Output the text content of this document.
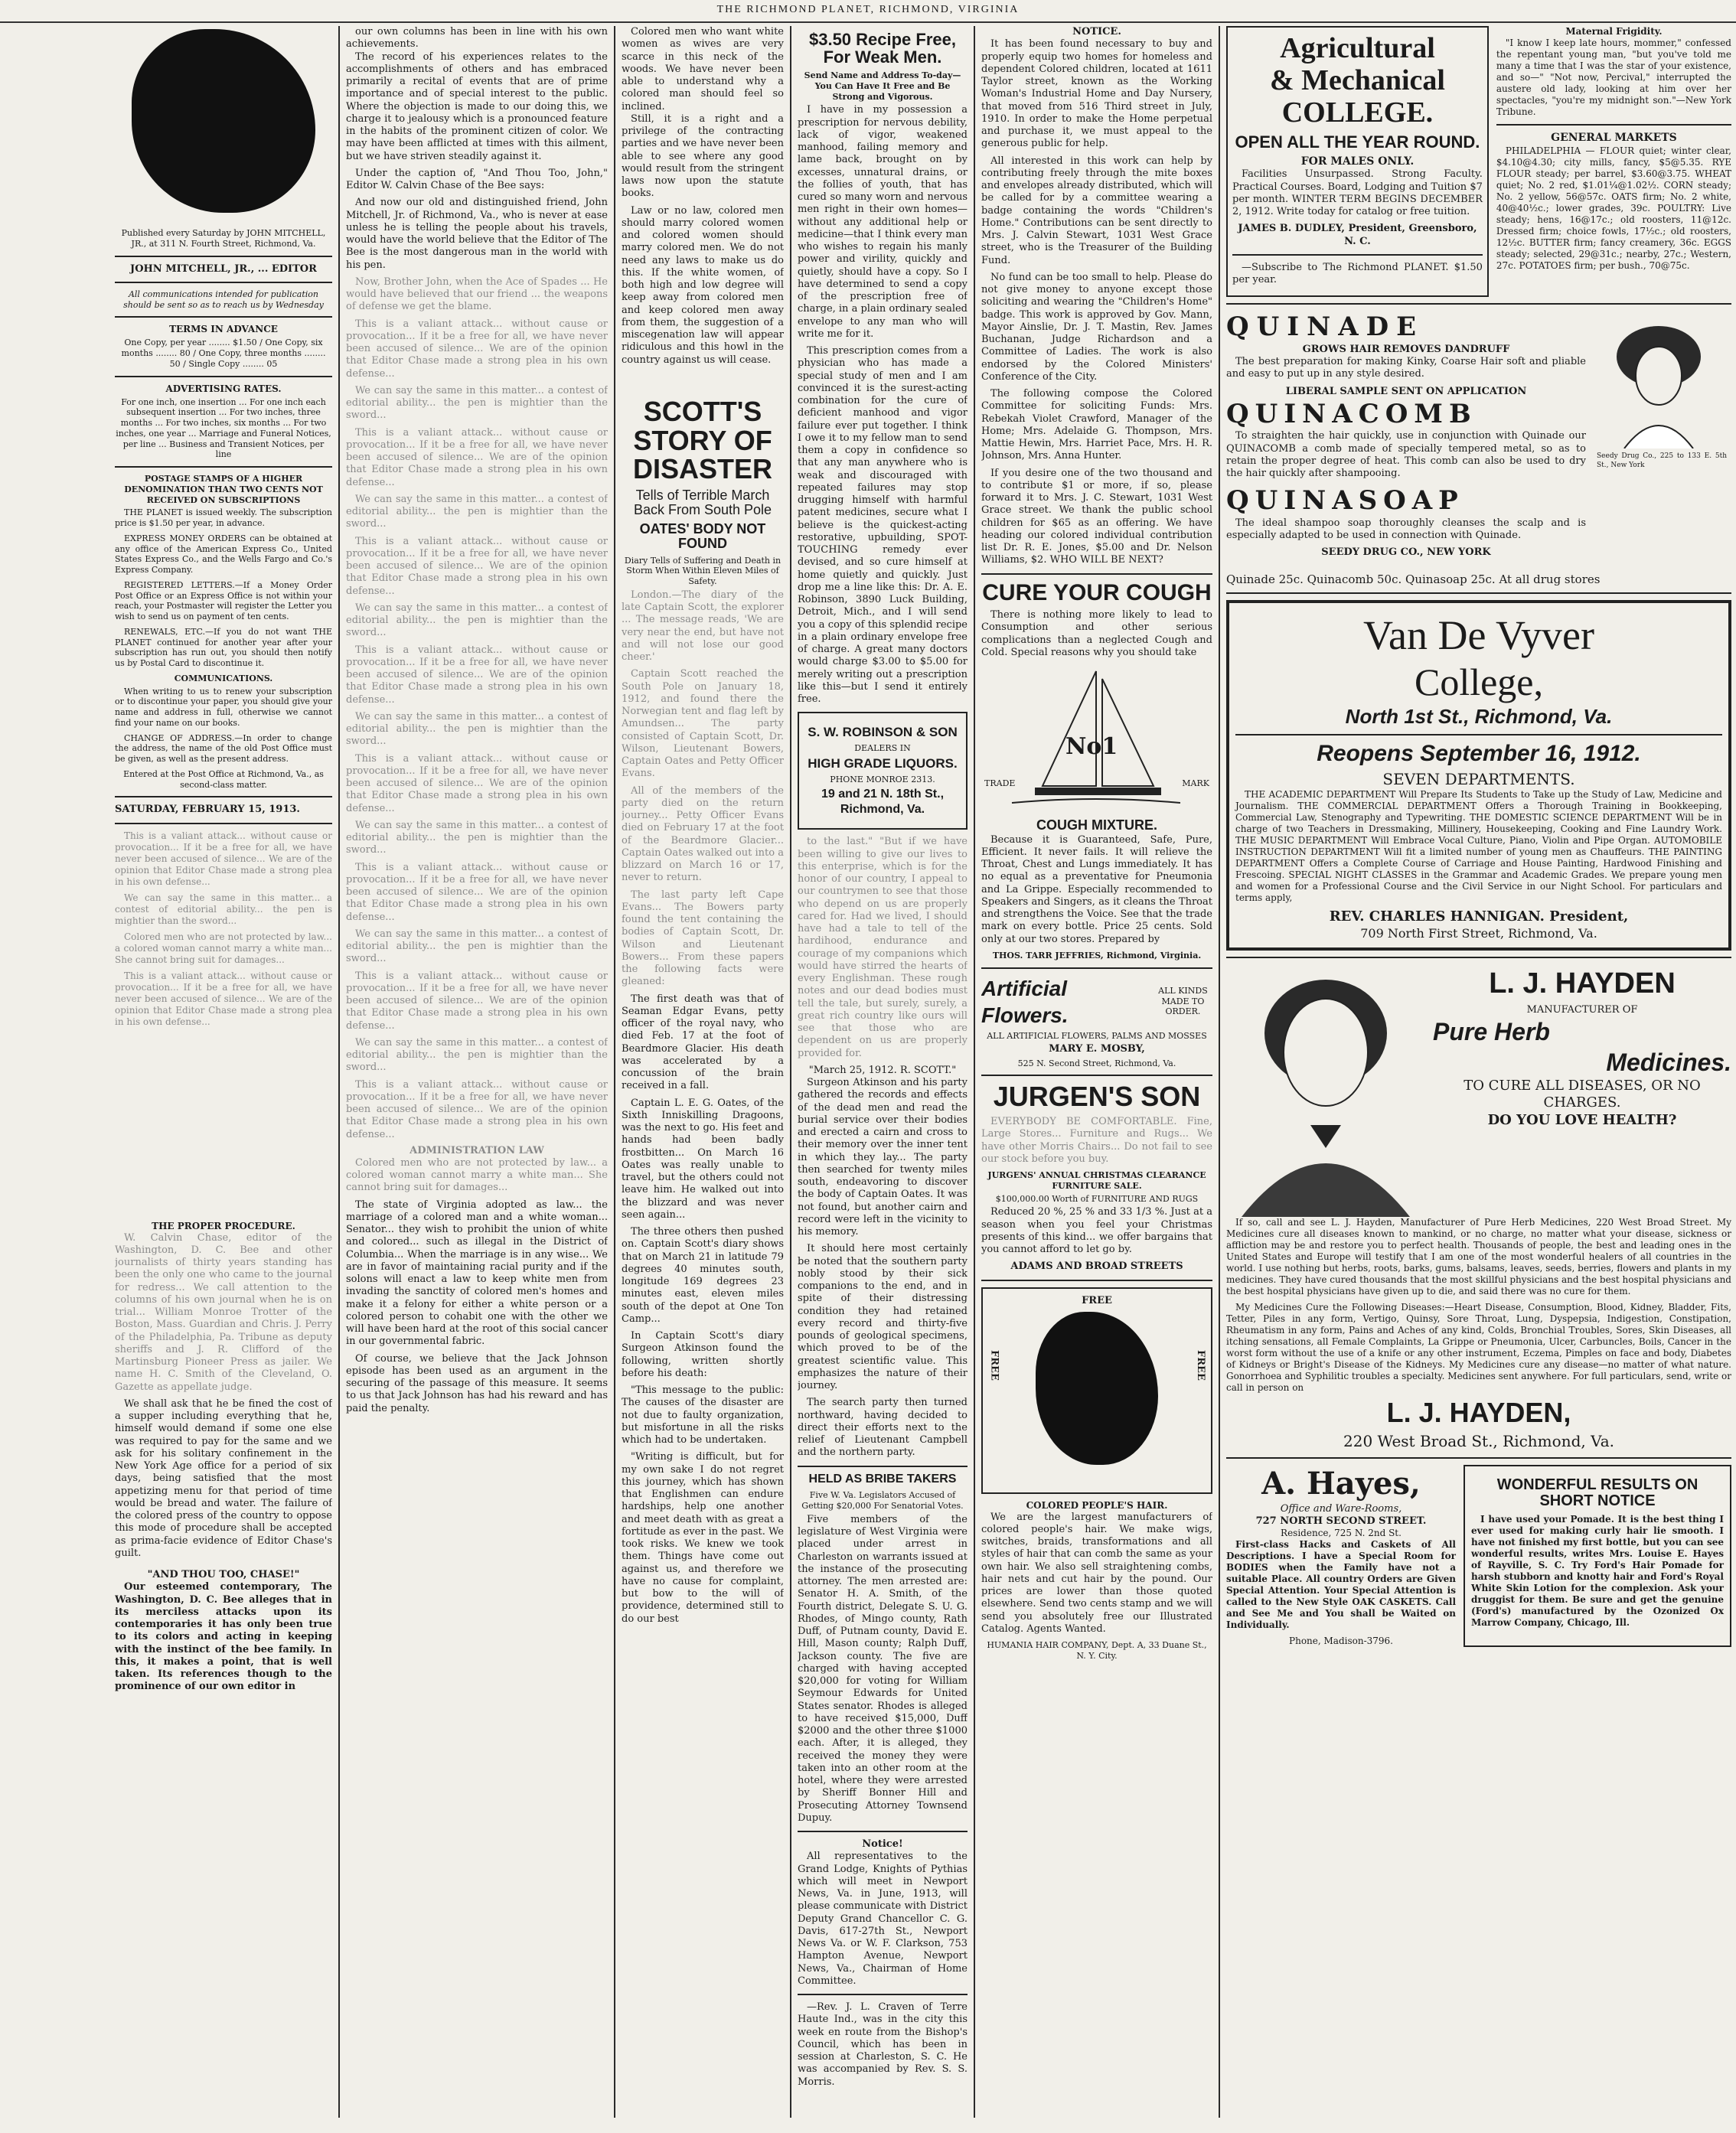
THE RICHMOND PLANET, RICHMOND, VIRGINIA
Published every Saturday by JOHN MITCHELL, JR., at 311 N. Fourth Street, Richmond, Va.
JOHN MITCHELL, JR., ... EDITOR
All communications intended for publication should be sent so as to reach us by Wednesday
TERMS IN ADVANCE
One Copy, per year ........ $1.50 / One Copy, six months ........ 80 / One Copy, three months ........ 50 / Single Copy ........ 05
ADVERTISING RATES.
For one inch, one insertion ... For one inch each subsequent insertion ... For two inches, three months ... For two inches, six months ... For two inches, one year ... Marriage and Funeral Notices, per line ... Business and Transient Notices, per line
POSTAGE STAMPS OF A HIGHER DENOMINATION THAN TWO CENTS NOT RECEIVED ON SUBSCRIPTIONS

THE PLANET is issued weekly. The subscription price is $1.50 per year, in advance.

EXPRESS MONEY ORDERS can be obtained at any office of the American Express Co., United States Express Co., and the Wells Fargo and Co.'s Express Company.

REGISTERED LETTERS.—If a Money Order Post Office or an Express Office is not within your reach, your Postmaster will register the Letter you wish to send us on payment of ten cents.

RENEWALS, ETC.—If you do not want THE PLANET continued for another year after your subscription has run out, you should then notify us by Postal Card to discontinue it.

COMMUNICATIONS.

When writing to us to renew your subscription or to discontinue your paper, you should give your name and address in full, otherwise we cannot find your name on our books.

CHANGE OF ADDRESS.—In order to change the address, the name of the old Post Office must be given, as well as the present address.

Entered at the Post Office at Richmond, Va., as second-class matter.
SATURDAY, FEBRUARY 15, 1913.

This is a valiant attack... without cause or provocation... If it be a free for all, we have never been accused of silence... We are of the opinion that Editor Chase made a strong plea in his own defense...

We can say the same in this matter... a contest of editorial ability... the pen is mightier than the sword...

Colored men who are not protected by law... a colored woman cannot marry a white man... She cannot bring suit for damages...

This is a valiant attack... without cause or provocation... If it be a free for all, we have never been accused of silence... We are of the opinion that Editor Chase made a strong plea in his own defense...

THE PROPER PROCEDURE.

W. Calvin Chase, editor of the Washington, D. C. Bee and other journalists of thirty years standing has been the only one who came to the journal for redress... We call attention to the columns of his own journal when he is on trial... William Monroe Trotter of the Boston, Mass. Guardian and Chris. J. Perry of the Philadelphia, Pa. Tribune as deputy sheriffs and J. R. Clifford of the Martinsburg Pioneer Press as jailer. We name H. C. Smith of the Cleveland, O. Gazette as appellate judge.

We shall ask that he be fined the cost of a supper including everything that he, himself would demand if some one else was required to pay for the same and we ask for his solitary confinement in the New York Age office for a period of six days, being satisfied that the most appetizing menu for that period of time would be bread and water. The failure of the colored press of the country to oppose this mode of procedure shall be accepted as prima-facie evidence of Editor Chase's guilt.

"AND THOU TOO, CHASE!"

Our esteemed contemporary, The Washington, D. C. Bee alleges that in its merciless attacks upon its contemporaries it has only been true to its colors and acting in keeping with the instinct of the bee family. In this, it makes a point, that is well taken. Its references though to the prominence of our own editor in

our own columns has been in line with his own achievements.

The record of his experiences relates to the accomplishments of others and has embraced primarily a recital of events that are of prime importance and of special interest to the public. Where the objection is made to our doing this, we charge it to jealousy which is a pronounced feature in the habits of the prominent citizen of color. We may have been afflicted at times with this ailment, but we have striven steadily against it.

Under the caption of, "And Thou Too, John," Editor W. Calvin Chase of the Bee says:

And now our old and distinguished friend, John Mitchell, Jr. of Richmond, Va., who is never at ease unless he is telling the people about his travels, would have the world believe that the Editor of The Bee is the most dangerous man in the world with his pen.

Now, Brother John, when the Ace of Spades ... He would have believed that our friend ... the weapons of defense we get the blame.

This is a valiant attack... without cause or provocation... If it be a free for all, we have never been accused of silence... We are of the opinion that Editor Chase made a strong plea in his own defense...

We can say the same in this matter... a contest of editorial ability... the pen is mightier than the sword...

This is a valiant attack... without cause or provocation... If it be a free for all, we have never been accused of silence... We are of the opinion that Editor Chase made a strong plea in his own defense...

We can say the same in this matter... a contest of editorial ability... the pen is mightier than the sword...

This is a valiant attack... without cause or provocation... If it be a free for all, we have never been accused of silence... We are of the opinion that Editor Chase made a strong plea in his own defense...

We can say the same in this matter... a contest of editorial ability... the pen is mightier than the sword...

This is a valiant attack... without cause or provocation... If it be a free for all, we have never been accused of silence... We are of the opinion that Editor Chase made a strong plea in his own defense...

We can say the same in this matter... a contest of editorial ability... the pen is mightier than the sword...

This is a valiant attack... without cause or provocation... If it be a free for all, we have never been accused of silence... We are of the opinion that Editor Chase made a strong plea in his own defense...

We can say the same in this matter... a contest of editorial ability... the pen is mightier than the sword...

This is a valiant attack... without cause or provocation... If it be a free for all, we have never been accused of silence... We are of the opinion that Editor Chase made a strong plea in his own defense...

We can say the same in this matter... a contest of editorial ability... the pen is mightier than the sword...

This is a valiant attack... without cause or provocation... If it be a free for all, we have never been accused of silence... We are of the opinion that Editor Chase made a strong plea in his own defense...

We can say the same in this matter... a contest of editorial ability... the pen is mightier than the sword...

This is a valiant attack... without cause or provocation... If it be a free for all, we have never been accused of silence... We are of the opinion that Editor Chase made a strong plea in his own defense...

ADMINISTRATION LAW

Colored men who are not protected by law... a colored woman cannot marry a white man... She cannot bring suit for damages...

The state of Virginia adopted as law... the marriage of a colored man and a white woman... Senator... they wish to prohibit the union of white and colored... such as illegal in the District of Columbia... When the marriage is in any wise... We are in favor of maintaining racial purity and if the solons will enact a law to keep white men from invading the sanctity of colored men's homes and make it a felony for either a white person or a colored person to cohabit one with the other we will have been hard at the root of this social cancer in our governmental fabric.

Of course, we believe that the Jack Johnson episode has been used as an argument in the securing of the passage of this measure. It seems to us that Jack Johnson has had his reward and has paid the penalty.

Colored men who want white women as wives are very scarce in this neck of the woods. We have never been able to understand why a colored man should feel so inclined.

Still, it is a right and a privilege of the contracting parties and we have never been able to see where any good would result from the stringent laws now upon the statute books.

Law or no law, colored men should marry colored women and colored women should marry colored men. We do not need any laws to make us do this. If the white women, of both high and low degree will keep away from colored men and keep colored men away from them, the suggestion of a miscegenation law will appear ridiculous and this howl in the country against us will cease.

SCOTT'S STORY OF DISASTER
Tells of Terrible March Back From South Pole
OATES' BODY NOT FOUND
Diary Tells of Suffering and Death in Storm When Within Eleven Miles of Safety.

London.—The diary of the late Captain Scott, the explorer ... The message reads, 'We are very near the end, but have not and will not lose our good cheer.'

Captain Scott reached the South Pole on January 18, 1912, and found there the Norwegian tent and flag left by Amundsen... The party consisted of Captain Scott, Dr. Wilson, Lieutenant Bowers, Captain Oates and Petty Officer Evans.

All of the members of the party died on the return journey... Petty Officer Evans died on February 17 at the foot of the Beardmore Glacier... Captain Oates walked out into a blizzard on March 16 or 17, never to return.

The last party left Cape Evans... The Bowers party found the tent containing the bodies of Captain Scott, Dr. Wilson and Lieutenant Bowers... From these papers the following facts were gleaned:

The first death was that of Seaman Edgar Evans, petty officer of the royal navy, who died Feb. 17 at the foot of Beardmore Glacier. His death was accelerated by a concussion of the brain received in a fall.

Captain L. E. G. Oates, of the Sixth Inniskilling Dragoons, was the next to go. His feet and hands had been badly frostbitten... On March 16 Oates was really unable to travel, but the others could not leave him. He walked out into the blizzard and was never seen again...

The three others then pushed on. Captain Scott's diary shows that on March 21 in latitude 79 degrees 40 minutes south, longitude 169 degrees 23 minutes east, eleven miles south of the depot at One Ton Camp...

In Captain Scott's diary Surgeon Atkinson found the following, written shortly before his death:

"This message to the public: The causes of the disaster are not due to faulty organization, but misfortune in all the risks which had to be undertaken.

"Writing is difficult, but for my own sake I do not regret this journey, which has shown that Englishmen can endure hardships, help one another and meet death with as great a fortitude as ever in the past. We took risks. We knew we took them. Things have come out against us, and therefore we have no cause for complaint, but bow to the will of providence, determined still to do our best

$3.50 Recipe Free, For Weak Men.
Send Name and Address To-day—You Can Have It Free and Be Strong and Vigorous.

I have in my possession a prescription for nervous debility, lack of vigor, weakened manhood, failing memory and lame back, brought on by excesses, unnatural drains, or the follies of youth, that has cured so many worn and nervous men right in their own homes—without any additional help or medicine—that I think every man who wishes to regain his manly power and virility, quickly and quietly, should have a copy. So I have determined to send a copy of the prescription free of charge, in a plain ordinary sealed envelope to any man who will write me for it.

This prescription comes from a physician who has made a special study of men and I am convinced it is the surest-acting combination for the cure of deficient manhood and vigor failure ever put together. I think I owe it to my fellow man to send them a copy in confidence so that any man anywhere who is weak and discouraged with repeated failures may stop drugging himself with harmful patent medicines, secure what I believe is the quickest-acting restorative, upbuilding, SPOT-TOUCHING remedy ever devised, and so cure himself at home quietly and quickly. Just drop me a line like this: Dr. A. E. Robinson, 3890 Luck Building, Detroit, Mich., and I will send you a copy of this splendid recipe in a plain ordinary envelope free of charge. A great many doctors would charge $3.00 to $5.00 for merely writing out a prescription like this—but I send it entirely free.

S. W. ROBINSON & SON
DEALERS IN
HIGH GRADE LIQUORS.
PHONE MONROE 2313.
19 and 21 N. 18th St., Richmond, Va.

to the last." "But if we have been willing to give our lives to this enterprise, which is for the honor of our country, I appeal to our countrymen to see that those who depend on us are properly cared for. Had we lived, I should have had a tale to tell of the hardihood, endurance and courage of my companions which would have stirred the hearts of every Englishman. These rough notes and our dead bodies must tell the tale, but surely, surely, a great rich country like ours will see that those who are dependent on us are properly provided for.

"March 25, 1912. R. SCOTT."

Surgeon Atkinson and his party gathered the records and effects of the dead men and read the burial service over their bodies and erected a cairn and cross to their memory over the inner tent in which they lay... The party then searched for twenty miles south, endeavoring to discover the body of Captain Oates. It was not found, but another cairn and record were left in the vicinity to his memory.

It should here most certainly be noted that the southern party nobly stood by their sick companions to the end, and in spite of their distressing condition they had retained every record and thirty-five pounds of geological specimens, which proved to be of the greatest scientific value. This emphasizes the nature of their journey.

The search party then turned northward, having decided to direct their efforts next to the relief of Lieutenant Campbell and the northern party.

HELD AS BRIBE TAKERS
Five W. Va. Legislators Accused of Getting $20,000 For Senatorial Votes.

Five members of the legislature of West Virginia were placed under arrest in Charleston on warrants issued at the instance of the prosecuting attorney. The men arrested are: Senator H. A. Smith, of the Fourth district, Delegate S. U. G. Rhodes, of Mingo county, Rath Duff, of Putnam county, David E. Hill, Mason county; Ralph Duff, Jackson county. The five are charged with having accepted $20,000 for voting for William Seymour Edwards for United States senator. Rhodes is alleged to have received $15,000, Duff $2000 and the other three $1000 each. After, it is alleged, they received the money they were taken into an other room at the hotel, where they were arrested by Sheriff Bonner Hill and Prosecuting Attorney Townsend Dupuy.

Notice!

All representatives to the Grand Lodge, Knights of Pythias which will meet in Newport News, Va. in June, 1913, will please communicate with District Deputy Grand Chancellor C. G. Davis, 617-27th St., Newport News Va. or W. F. Clarkson, 753 Hampton Avenue, Newport News, Va., Chairman of Home Committee.

—Rev. J. L. Craven of Terre Haute Ind., was in the city this week en route from the Bishop's Council, which has been in session at Charleston, S. C. He was accompanied by Rev. S. S. Morris.

NOTICE.

It has been found necessary to buy and properly equip two homes for homeless and dependent Colored children, located at 1611 Taylor street, known as the Working Woman's Industrial Home and Day Nursery, that moved from 516 Third street in July, 1910. In order to make the Home perpetual and purchase it, we must appeal to the generous public for help.

All interested in this work can help by contributing freely through the mite boxes and envelopes already distributed, which will be called for by a committee wearing a badge containing the words "Children's Home." Contributions can be sent directly to Mrs. J. Calvin Stewart, 1031 West Grace street, who is the Treasurer of the Building Fund.

No fund can be too small to help. Please do not give money to anyone except those soliciting and wearing the "Children's Home" badge. This work is approved by Gov. Mann, Mayor Ainslie, Dr. J. T. Mastin, Rev. James Buchanan, Judge Richardson and a Committee of Ladies. The work is also endorsed by the Colored Ministers' Conference of the City.

The following compose the Colored Committee for soliciting Funds: Mrs. Rebekah Violet Crawford, Manager of the Home; Mrs. Adelaide G. Thompson, Mrs. Mattie Hewin, Mrs. Harriet Pace, Mrs. H. R. Johnson, Mrs. Anna Hunter.

If you desire one of the two thousand and to contribute $1 or more, if so, please forward it to Mrs. J. C. Stewart, 1031 West Grace street. We thank the public school children for $65 as an offering. We have heading our colored individual contribution list Dr. R. E. Jones, $5.00 and Dr. Nelson Williams, $2. WHO WILL BE NEXT?

CURE YOUR COUGH

There is nothing more likely to lead to Consumption and other serious complications than a neglected Cough and Cold. Special reasons why you should take

No1
TRADE	MARK
COUGH MIXTURE.

Because it is Guaranteed, Safe, Pure, Efficient. It never fails. It will relieve the Throat, Chest and Lungs immediately. It has no equal as a preventative for Pneumonia and La Grippe. Especially recommended to Speakers and Singers, as it cleans the Throat and strengthens the Voice. See that the trade mark on every bottle. Price 25 cents. Sold only at our two stores. Prepared by

THOS. TARR JEFFRIES, Richmond, Virginia.
Artificial Flowers.
ALL KINDS MADE TO ORDER.
ALL ARTIFICIAL FLOWERS, PALMS AND MOSSES
MARY E. MOSBY,
525 N. Second Street, Richmond, Va.
JURGEN'S SON

EVERYBODY BE COMFORTABLE. Fine, Large Stores... Furniture and Rugs... We have other Morris Chairs... Do not fail to see our stock before you buy.

JURGENS' ANNUAL CHRISTMAS CLEARANCE FURNITURE SALE.
$100,000.00 Worth of FURNITURE AND RUGS

Reduced 20 %, 25 % and 33 1/3 %. Just at a season when you feel your Christmas presents of this kind... we offer bargains that you cannot afford to let go by.

ADAMS AND BROAD STREETS
FREE
FREE	FREE
COLORED PEOPLE'S HAIR.

We are the largest manufacturers of colored people's hair. We make wigs, switches, braids, transformations and all styles of hair that can comb the same as your own hair. We also sell straightening combs, hair nets and cut hair by the pound. Our prices are lower than those quoted elsewhere. Send two cents stamp and we will send you absolutely free our Illustrated Catalog. Agents Wanted.

HUMANIA HAIR COMPANY, Dept. A, 33 Duane St., N. Y. City.
Agricultural
& Mechanical
COLLEGE.
OPEN ALL THE YEAR ROUND.
FOR MALES ONLY.

Facilities Unsurpassed. Strong Faculty. Practical Courses. Board, Lodging and Tuition $7 per month. WINTER TERM BEGINS DECEMBER 2, 1912. Write today for catalog or free tuition.

JAMES B. DUDLEY, President, Greensboro, N. C.

—Subscribe to The Richmond PLANET. $1.50 per year.

Maternal Frigidity.

"I know I keep late hours, mommer," confessed the repentant young man, "but you've told me many a time that I was the star of your existence, and so—" "Not now, Percival," interrupted the austere old lady, looking at him over her spectacles, "you're my midnight son."—New York Tribune.

GENERAL MARKETS

PHILADELPHIA — FLOUR quiet; winter clear, $4.10@4.30; city mills, fancy, $5@5.35. RYE FLOUR steady; per barrel, $3.60@3.75. WHEAT quiet; No. 2 red, $1.01¼@1.02½. CORN steady; No. 2 yellow, 56@57c. OATS firm; No. 2 white, 40@40½c.; lower grades, 39c. POULTRY: Live steady; hens, 16@17c.; old roosters, 11@12c. Dressed firm; choice fowls, 17½c.; old roosters, 12½c. BUTTER firm; fancy creamery, 36c. EGGS steady; selected, 29@31c.; nearby, 27c.; Western, 27c. POTATOES firm; per bush., 70@75c.

QUINADE
GROWS HAIR REMOVES DANDRUFF

The best preparation for making Kinky, Coarse Hair soft and pliable and easy to put up in any style desired.

LIBERAL SAMPLE SENT ON APPLICATION
QUINACOMB

To straighten the hair quickly, use in conjunction with Quinade our QUINACOMB a comb made of specially tempered metal, so as to retain the proper degree of heat. This comb can also be used to dry the hair quickly after shampooing.

QUINASOAP

The ideal shampoo soap thoroughly cleanses the scalp and is especially adapted to be used in connection with Quinade.

SEEDY DRUG CO., NEW YORK
Seedy Drug Co., 225 to 133 E. 5th St., New York
Quinade 25c. Quinacomb 50c. Quinasoap 25c. At all drug stores
Van De Vyver
College,
North 1st St., Richmond, Va.
Reopens September 16, 1912.
SEVEN DEPARTMENTS.

THE ACADEMIC DEPARTMENT Will Prepare Its Students to Take up the Study of Law, Medicine and Journalism. THE COMMERCIAL DEPARTMENT Offers a Thorough Training in Bookkeeping, Commercial Law, Stenography and Typewriting. THE DOMESTIC SCIENCE DEPARTMENT Will be in charge of two Teachers in Dressmaking, Millinery, Housekeeping, Cooking and Fine Laundry Work. THE MUSIC DEPARTMENT Will Embrace Vocal Culture, Piano, Violin and Pipe Organ. AUTOMOBILE INSTRUCTION DEPARTMENT Will fit a limited number of young men as Chauffeurs. THE PAINTING DEPARTMENT Offers a Complete Course of Carriage and House Painting, Hardwood Finishing and Frescoing. SPECIAL NIGHT CLASSES in the Grammar and Academic Grades. We prepare young men and women for a Professional Course and the Civil Service in our Night School. For particulars and terms apply,

REV. CHARLES HANNIGAN. President,
709 North First Street, Richmond, Va.
L. J. HAYDEN
MANUFACTURER OF
Pure Herb
Medicines.
TO CURE ALL DISEASES, OR NO CHARGES.
DO YOU LOVE HEALTH?

If so, call and see L. J. Hayden, Manufacturer of Pure Herb Medicines, 220 West Broad Street. My Medicines cure all diseases known to mankind, or no charge, no matter what your disease, sickness or affliction may be and restore you to perfect health. Thousands of people, the best and leading ones in the United States and Europe will testify that I am one of the most wonderful healers of all countries in the world. I use nothing but herbs, roots, barks, gums, balsams, leaves, seeds, berries, flowers and plants in my medicines. They have cured thousands that the most skillful physicians and the best hospital physicians and the best hospital physicians have given up to die, and said there was no cure for them.

My Medicines Cure the Following Diseases:—Heart Disease, Consumption, Blood, Kidney, Bladder, Fits, Tetter, Piles in any form, Vertigo, Quinsy, Sore Throat, Lung, Dyspepsia, Indigestion, Constipation, Rheumatism in any form, Pains and Aches of any kind, Colds, Bronchial Troubles, Sores, Skin Diseases, all itching sensations, all Female Complaints, La Grippe or Pneumonia, Ulcer, Carbuncles, Boils, Cancer in the worst form without the use of a knife or any other instrument, Eczema, Pimples on face and body, Diabetes of Kidneys or Bright's Disease of the Kidneys. My Medicines cure any disease—no matter of what nature. Gonorrhoea and Syphilitic troubles a specialty. Medicines sent anywhere. For full particulars, send, write or call in person on

L. J. HAYDEN,
220 West Broad St., Richmond, Va.
A. Hayes,
Office and Ware-Rooms,
727 NORTH SECOND STREET.
Residence, 725 N. 2nd St.

First-class Hacks and Caskets of All Descriptions. I have a Special Room for BODIES when the Family have not a suitable Place. All country Orders are Given Special Attention. Your Special Attention is called to the New Style OAK CASKETS. Call and See Me and You shall be Waited on Individually.

Phone, Madison-3796.
WONDERFUL RESULTS ON SHORT NOTICE

I have used your Pomade. It is the best thing I ever used for making curly hair lie smooth. I have not finished my first bottle, but you can see wonderful results, writes Mrs. Louise E. Hayes of Rayville, S. C. Try Ford's Hair Pomade for harsh stubborn and knotty hair and Ford's Royal White Skin Lotion for the complexion. Ask your druggist for them. Be sure and get the genuine (Ford's) manufactured by the Ozonized Ox Marrow Company, Chicago, Ill.
